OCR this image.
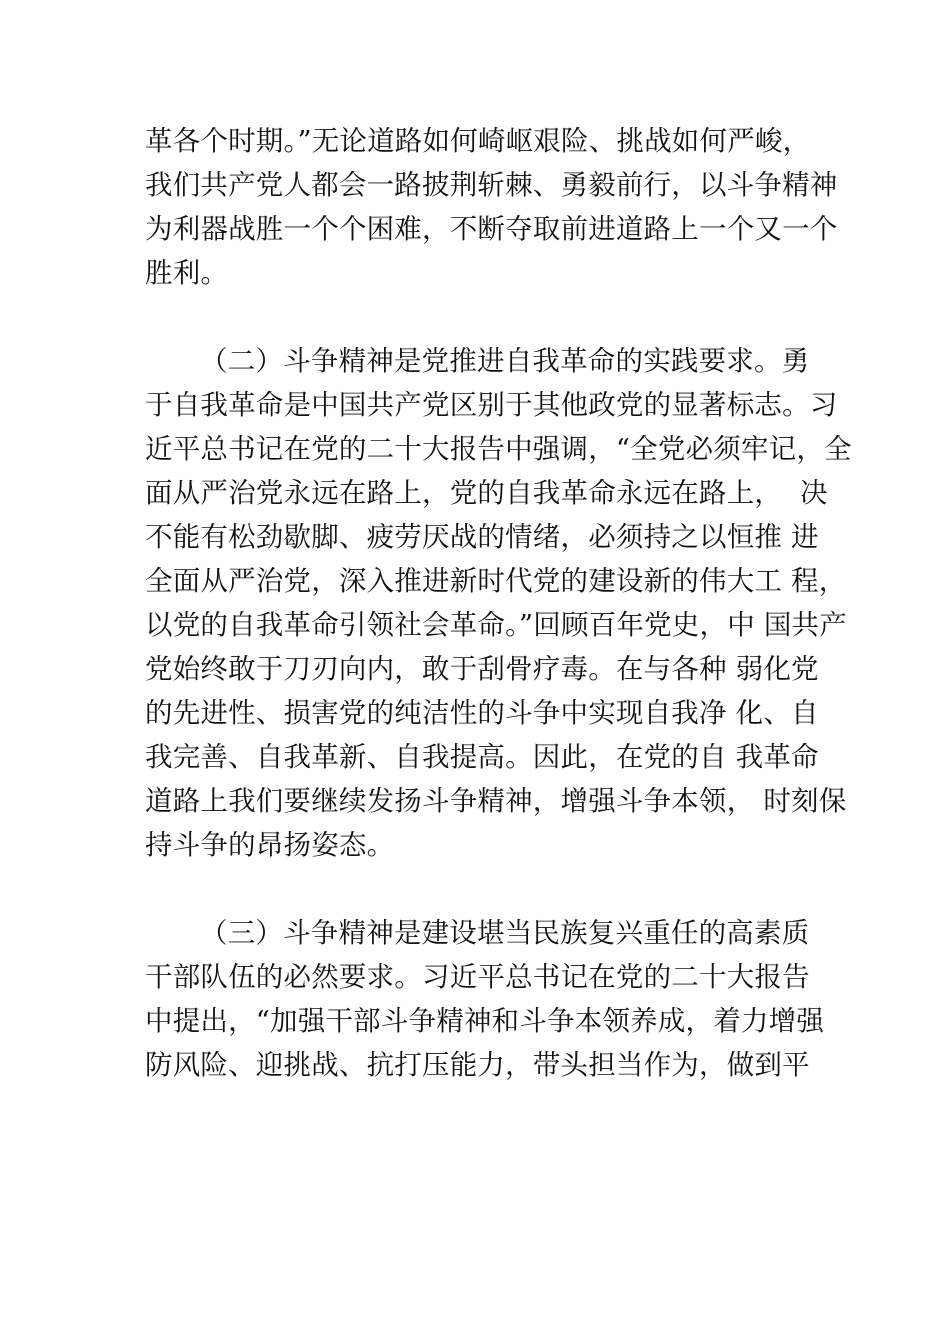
革各个时期。”无论道路如何崎岖艰险、挑战如何严峻，
我们共产党人都会一路披荆斩棘、勇毅前行，以斗争精神
为利器战胜一个个困难，不断夺取前进道路上一个又一个
胜利。
（二）斗争精神是党推进自我革命的实践要求。勇
于自我革命是中国共产党区别于其他政党的显著标志。习
近平总书记在党的二十大报告中强调，“全党必须牢记，全
面从严治党永远在路上，党的自我革命永远在路上，  决
不能有松劲歇脚、疲劳厌战的情绪，必须持之以恒推 进
全面从严治党，深入推进新时代党的建设新的伟大工 程，
以党的自我革命引领社会革命。”回顾百年党史，中 国共产
党始终敢于刀刃向内，敢于刮骨疗毒。在与各种 弱化党
的先进性、损害党的纯洁性的斗争中实现自我净 化、自
我完善、自我革新、自我提高。因此，在党的自 我革命
道路上我们要继续发扬斗争精神，增强斗争本领， 时刻保
持斗争的昂扬姿态。
（三）斗争精神是建设堪当民族复兴重任的高素质
干部队伍的必然要求。习近平总书记在党的二十大报告
中提出，“加强干部斗争精神和斗争本领养成，着力增强
防风险、迎挑战、抗打压能力，带头担当作为，做到平
